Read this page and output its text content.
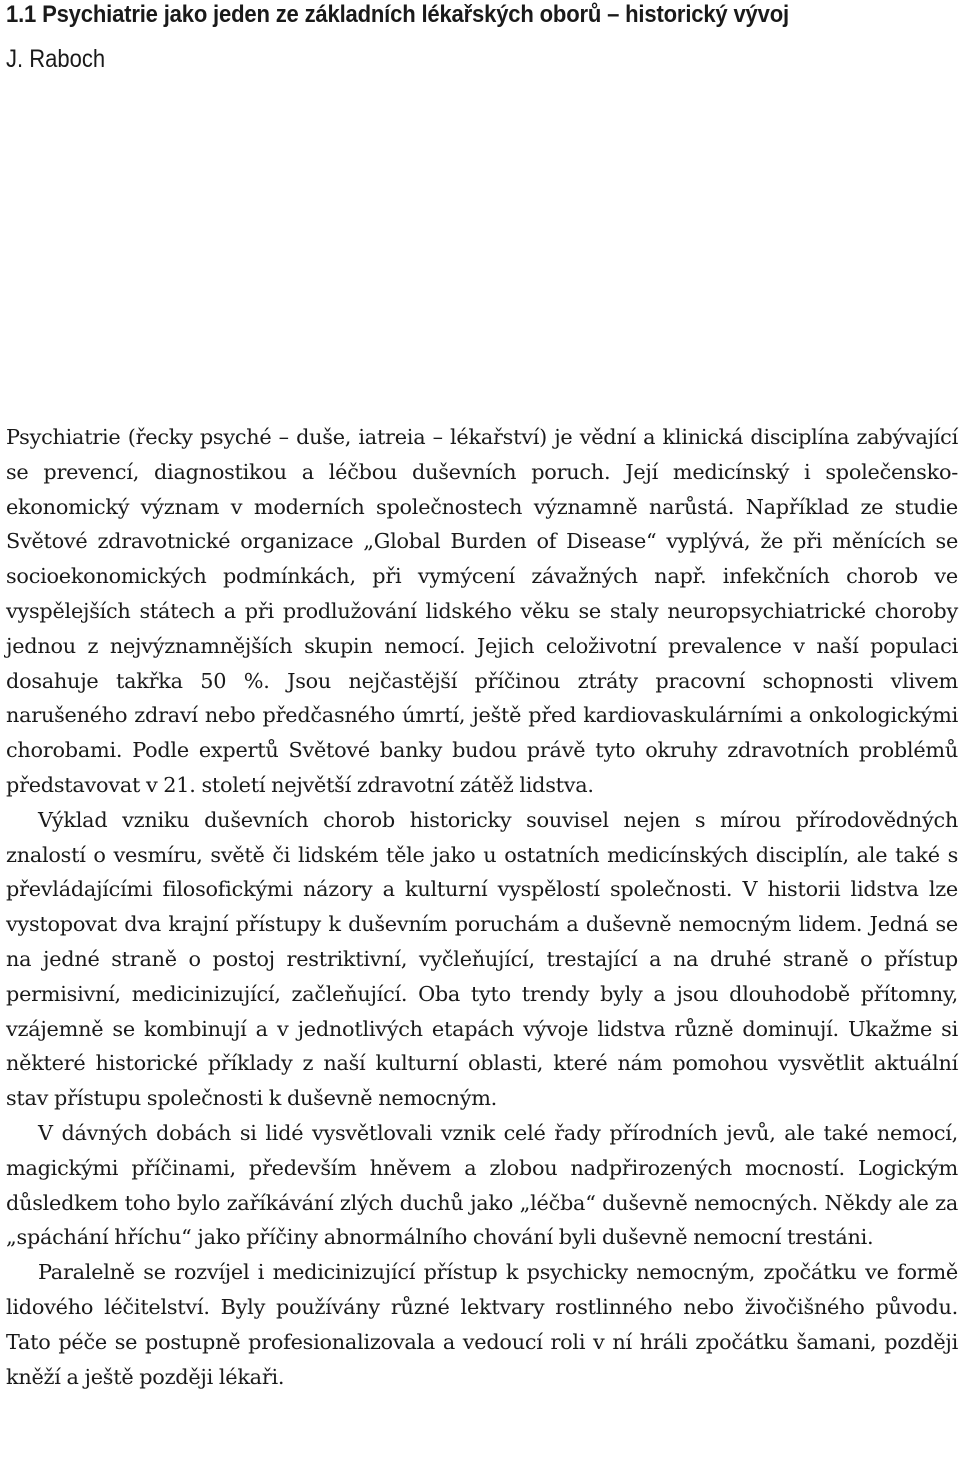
1.1 Psychiatrie jako jeden ze základních lékařských oborů – historický vývoj
J. Raboch

Psychiatrie (řecky psyché – duše, iatreia – lékařství) je vědní a klinická disciplína zabývající se prevencí, diagnostikou a léčbou duševních poruch. Její medicínský i společensko-ekonomický význam v moderních společnostech významně narůstá. Například ze studie Světové zdravotnické organizace „Global Burden of Disease“ vyplývá, že při měnících se socioekonomických podmínkách, při vymýcení závažných např. infekčních chorob ve vyspělejších státech a při prodlužování lidského věku se staly neuropsychiatrické choroby jednou z nejvýznamnějších skupin nemocí. Jejich celoživotní prevalence v naší populaci dosahuje takřka 50 %. Jsou nejčastější příčinou ztráty pracovní schopnosti vlivem narušeného zdraví nebo předčasného úmrtí, ještě před kardiovaskulárními a onkologickými chorobami. Podle expertů Světové banky budou právě tyto okruhy zdravotních problémů představovat v 21. století největší zdravotní zátěž lidstva.

Výklad vzniku duševních chorob historicky souvisel nejen s mírou přírodovědných znalostí o vesmíru, světě či lidském těle jako u ostatních medicínských disciplín, ale také s převládajícími filosofickými názory a kulturní vyspělostí společnosti. V historii lidstva lze vystopovat dva krajní přístupy k duševním poruchám a duševně nemocným lidem. Jedná se na jedné straně o postoj restriktivní, vyčleňující, trestající a na druhé straně o přístup permisivní, medicinizující, začleňující. Oba tyto trendy byly a jsou dlouhodobě přítomny, vzájemně se kombinují a v jednotlivých etapách vývoje lidstva různě dominují. Ukažme si některé historické příklady z naší kulturní oblasti, které nám pomohou vysvětlit aktuální stav přístupu společnosti k duševně nemocným.

V dávných dobách si lidé vysvětlovali vznik celé řady přírodních jevů, ale také nemocí, magickými příčinami, především hněvem a zlobou nadpřirozených mocností. Logickým důsledkem toho bylo zaříkávání zlých duchů jako „léčba“ duševně nemocných. Někdy ale za „spáchání hříchu“ jako příčiny abnormálního chování byli duševně nemocní trestáni.

Paralelně se rozvíjel i medicinizující přístup k psychicky nemocným, zpočátku ve formě lidového léčitelství. Byly používány různé lektvary rostlinného nebo živočišného původu. Tato péče se postupně profesionalizovala a vedoucí roli v ní hráli zpočátku šamani, později kněží a ještě později lékaři.
